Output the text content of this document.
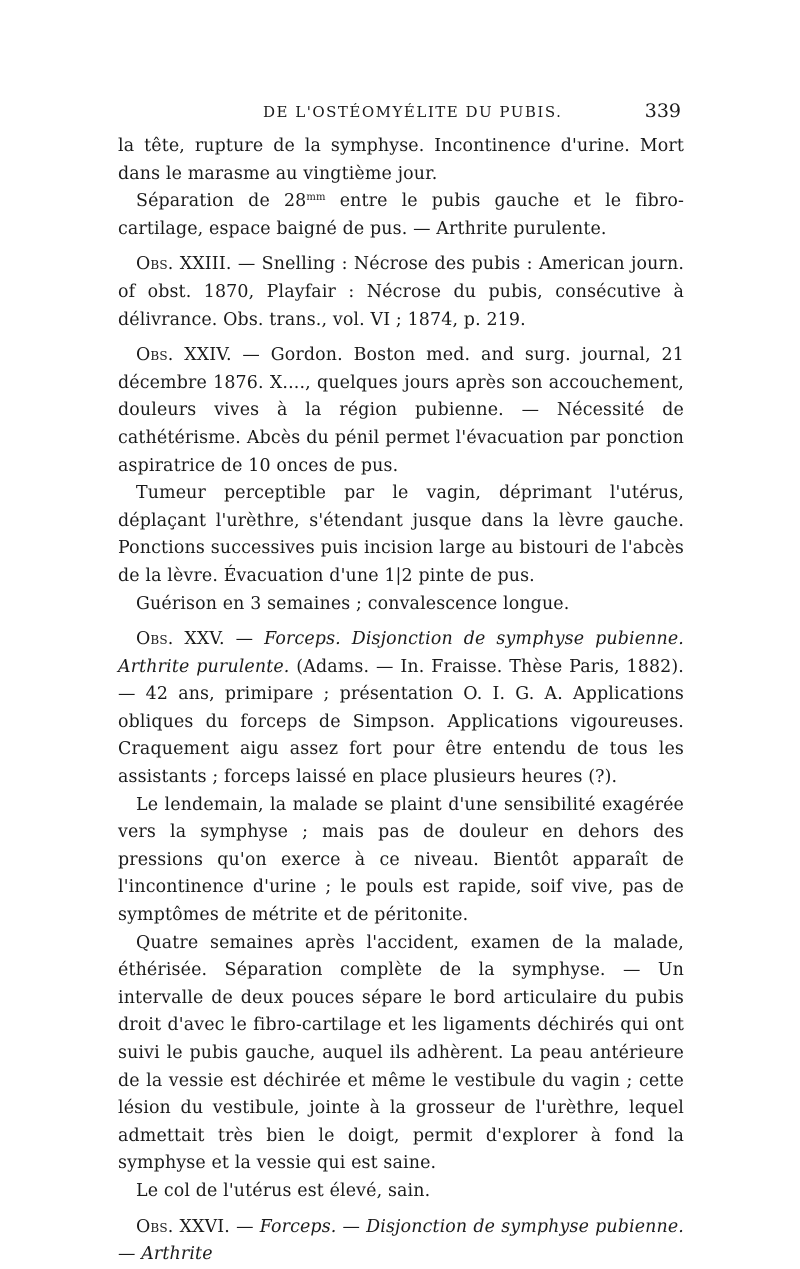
DE L'OSTÉOMYÉLITE DU PUBIS.	339

la tête, rupture de la symphyse. Incontinence d'urine. Mort dans le marasme au vingtième jour.

Séparation de $28^{mm}$ entre le pubis gauche et le fibro-cartilage, espace baigné de pus. — Arthrite purulente.

Obs. XXIII. — Snelling : Nécrose des pubis : American journ. of obst. 1870, Playfair : Nécrose du pubis, consécutive à délivrance. Obs. trans., vol. VI ; 1874, p. 219.

Obs. XXIV. — Gordon. Boston med. and surg. journal, 21 décembre 1876. X...., quelques jours après son accouchement, douleurs vives à la région pubienne. — Nécessité de cathétérisme. Abcès du pénil permet l'évacuation par ponction aspiratrice de 10 onces de pus.

Tumeur perceptible par le vagin, déprimant l'utérus, déplaçant l'urèthre, s'étendant jusque dans la lèvre gauche. Ponctions successives puis incision large au bistouri de l'abcès de la lèvre. Évacuation d'une 1|2 pinte de pus.

Guérison en 3 semaines ; convalescence longue.

Obs. XXV. — Forceps. Disjonction de symphyse pubienne. Arthrite purulente. (Adams. — In. Fraisse. Thèse Paris, 1882). — 42 ans, primipare ; présentation O. I. G. A. Applications obliques du forceps de Simpson. Applications vigoureuses. Craquement aigu assez fort pour être entendu de tous les assistants ; forceps laissé en place plusieurs heures (?).

Le lendemain, la malade se plaint d'une sensibilité exagérée vers la symphyse ; mais pas de douleur en dehors des pressions qu'on exerce à ce niveau. Bientôt apparaît de l'incontinence d'urine ; le pouls est rapide, soif vive, pas de symptômes de métrite et de péritonite.

Quatre semaines après l'accident, examen de la malade, éthérisée. Séparation complète de la symphyse. — Un intervalle de deux pouces sépare le bord articulaire du pubis droit d'avec le fibro-cartilage et les ligaments déchirés qui ont suivi le pubis gauche, auquel ils adhèrent. La peau antérieure de la vessie est déchirée et même le vestibule du vagin ; cette lésion du vestibule, jointe à la grosseur de l'urèthre, lequel admettait très bien le doigt, permit d'explorer à fond la symphyse et la vessie qui est saine.

Le col de l'utérus est élevé, sain.

Obs. XXVI. — Forceps. — Disjonction de symphyse pubienne. — Arthrite
